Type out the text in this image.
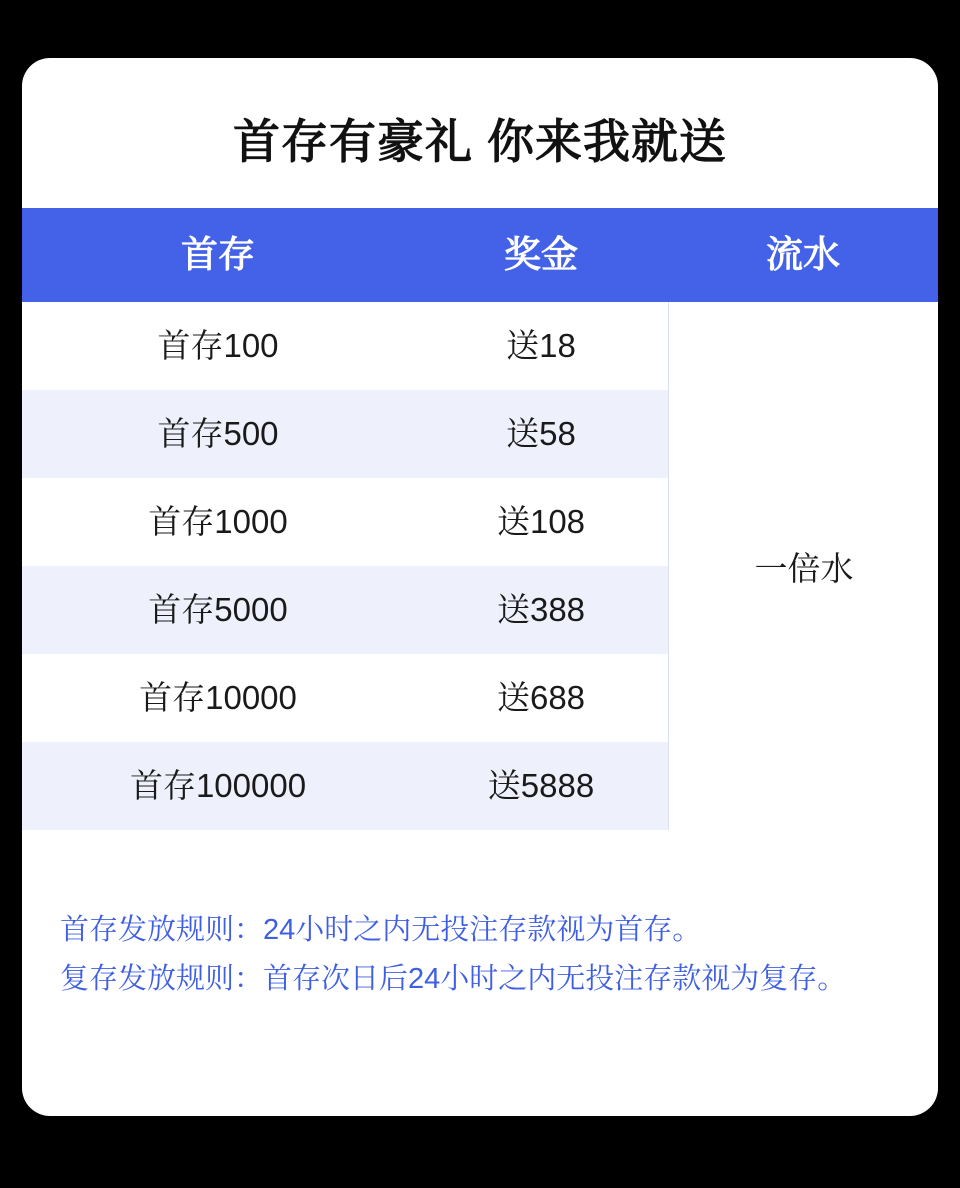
首存有豪礼 你来我就送
首存	奖金	流水
首存100	送18
首存500	送58
首存1000	送108
首存5000	送388
首存10000	送688
首存100000	送5888
一倍水

首存发放规则：24小时之内无投注存款视为首存。

复存发放规则：首存次日后24小时之内无投注存款视为复存。
